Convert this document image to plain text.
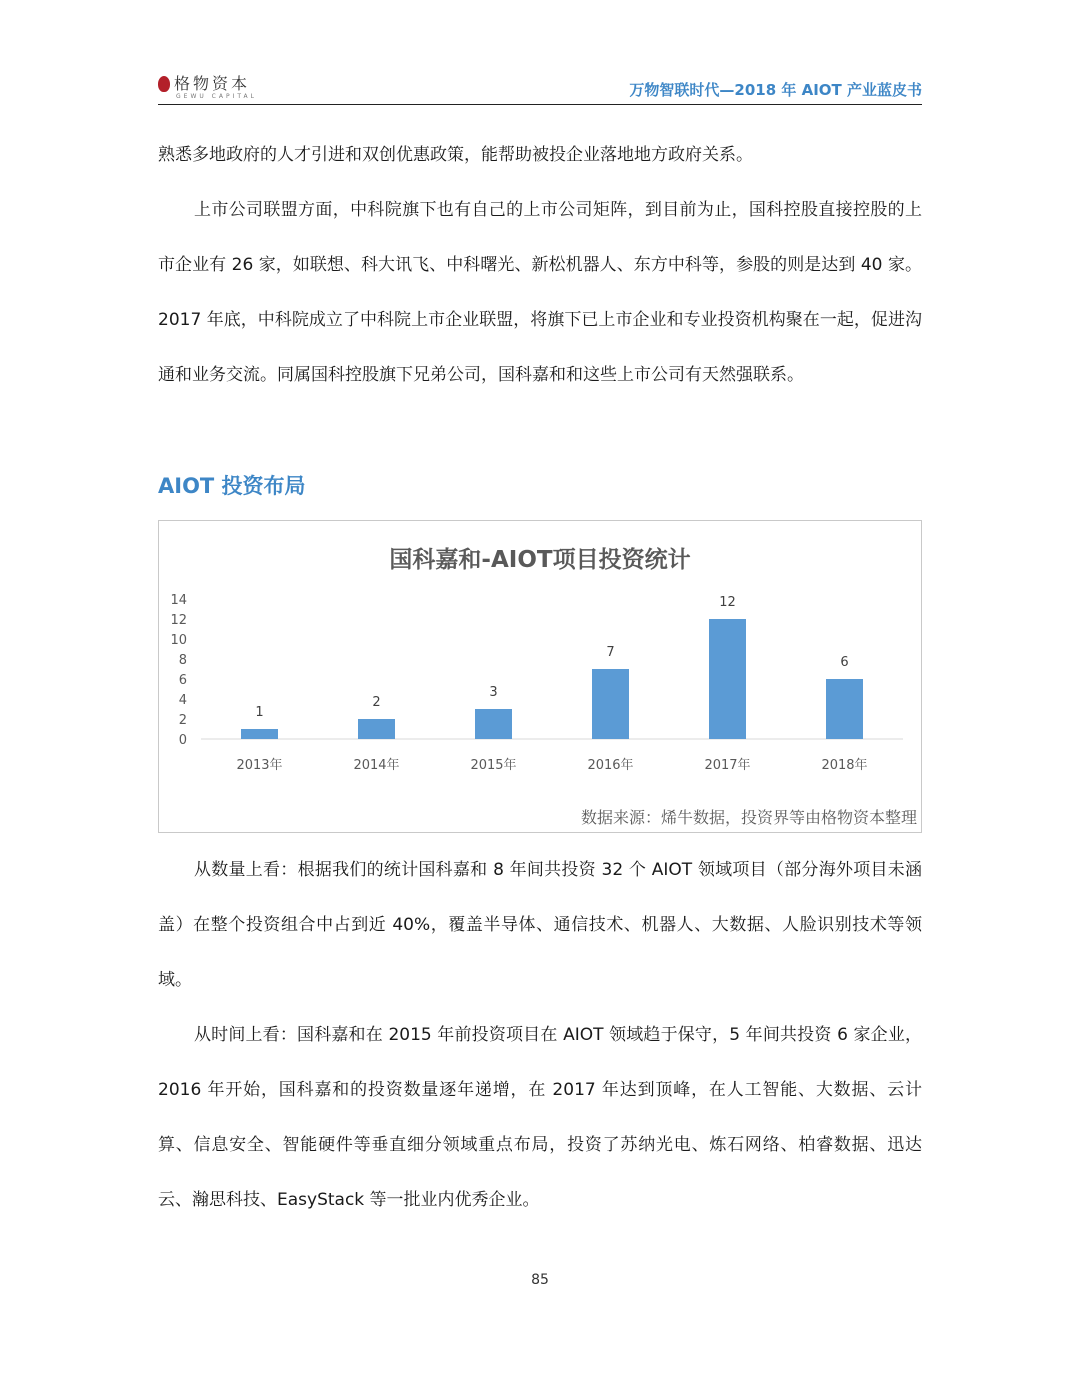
格物资本
GEWU CAPITAL	万物智联时代—2018 年 AIOT 产业蓝皮书

熟悉多地政府的人才引进和双创优惠政策，能帮助被投企业落地地方政府关系。

上市公司联盟方面，中科院旗下也有自己的上市公司矩阵，到目前为止，国科控股直接控股的上市企业有 26 家，如联想、科大讯飞、中科曙光、新松机器人、东方中科等，参股的则是达到 40 家。2017 年底，中科院成立了中科院上市企业联盟，将旗下已上市企业和专业投资机构聚在一起，促进沟通和业务交流。同属国科控股旗下兄弟公司，国科嘉和和这些上市公司有天然强联系。

AIOT 投资布局
国科嘉和-AIOT项目投资统计
0
2
4
6
8
10
12
14
1
2
3
7
12
6
2013年	2014年	2015年	2016年	2017年	2018年
数据来源：烯牛数据，投资界等由格物资本整理

从数量上看：根据我们的统计国科嘉和 8 年间共投资 32 个 AIOT 领域项目（部分海外项目未涵盖）在整个投资组合中占到近 40%，覆盖半导体、通信技术、机器人、大数据、人脸识别技术等领域。

从时间上看：国科嘉和在 2015 年前投资项目在 AIOT 领域趋于保守，5 年间共投资 6 家企业，2016 年开始，国科嘉和的投资数量逐年递增，在 2017 年达到顶峰，在人工智能、大数据、云计算、信息安全、智能硬件等垂直细分领域重点布局，投资了苏纳光电、炼石网络、柏睿数据、迅达云、瀚思科技、EasyStack 等一批业内优秀企业。

85
